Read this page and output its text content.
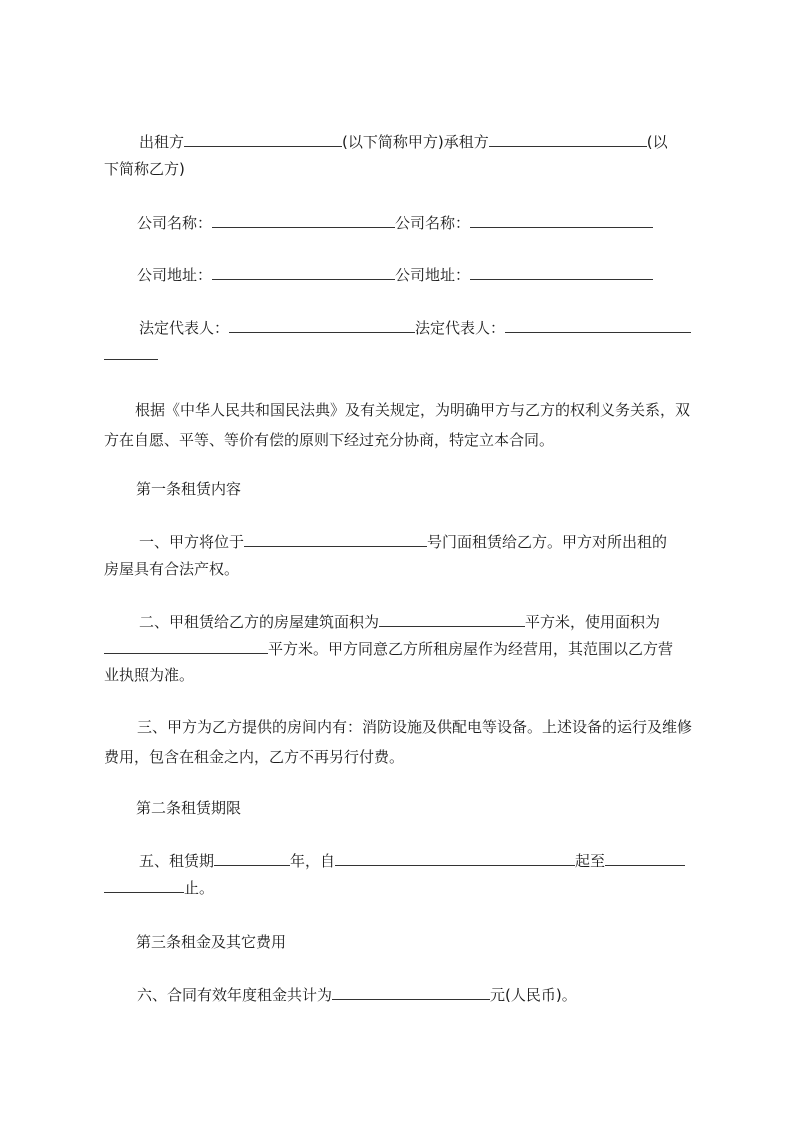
出租方	(以下简称甲方)承租方	(以
下简称乙方)
公司名称：	公司名称：
公司地址：	公司地址：
法定代表人：	法定代表人：
根据《中华人民共和国民法典》及有关规定，为明确甲方与乙方的权利义务关系，双方在自愿、平等、等价有偿的原则下经过充分协商，特定立本合同。
第一条租赁内容
一、甲方将位于	号门面租赁给乙方。甲方对所出租的
房屋具有合法产权。
二、甲租赁给乙方的房屋建筑面积为	平方米，使用面积为
平方米。甲方同意乙方所租房屋作为经营用，其范围以乙方营
业执照为准。
三、甲方为乙方提供的房间内有：消防设施及供配电等设备。上述设备的运行及维修费用，包含在租金之内，乙方不再另行付费。
第二条租赁期限
五、租赁期	年，自	起至
止。
第三条租金及其它费用
六、合同有效年度租金共计为	元(人民币)。
